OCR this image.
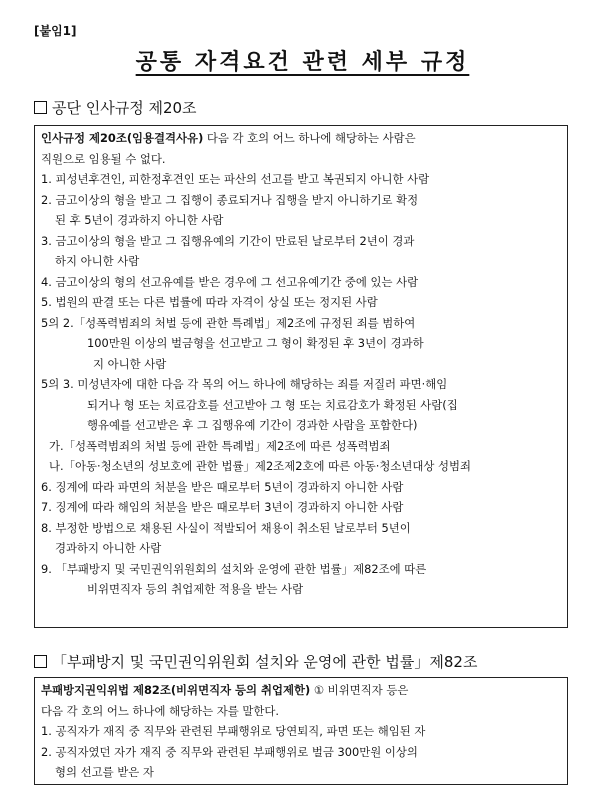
[붙임1]
공통 자격요건 관련 세부 규정
공단 인사규정 제20조
인사규정 제20조(임용결격사유) 다음 각 호의 어느 하나에 해당하는 사람은
직원으로 임용될 수 없다.
1. 피성년후견인, 피한정후견인 또는 파산의 선고를 받고 복권되지 아니한 사람
2. 금고이상의 형을 받고 그 집행이 종료되거나 집행을 받지 아니하기로 확정
된 후 5년이 경과하지 아니한 사람
3. 금고이상의 형을 받고 그 집행유예의 기간이 만료된 날로부터 2년이 경과
하지 아니한 사람
4. 금고이상의 형의 선고유예를 받은 경우에 그 선고유예기간 중에 있는 사람
5. 법원의 판결 또는 다른 법률에 따라 자격이 상실 또는 정지된 사람
5의 2.「성폭력범죄의 처벌 등에 관한 특례법」제2조에 규정된 죄를 범하여
100만원 이상의 벌금형을 선고받고 그 형이 확정된 후 3년이 경과하
지 아니한 사람
5의 3. 미성년자에 대한 다음 각 목의 어느 하나에 해당하는 죄를 저질러 파면·해임
되거나 형 또는 치료감호를 선고받아 그 형 또는 치료감호가 확정된 사람(집
행유예를 선고받은 후 그 집행유예 기간이 경과한 사람을 포함한다)
가.「성폭력범죄의 처벌 등에 관한 특례법」제2조에 따른 성폭력범죄
나.「아동·청소년의 성보호에 관한 법률」제2조제2호에 따른 아동·청소년대상 성범죄
6. 징계에 따라 파면의 처분을 받은 때로부터 5년이 경과하지 아니한 사람
7. 징계에 따라 해임의 처분을 받은 때로부터 3년이 경과하지 아니한 사람
8. 부정한 방법으로 채용된 사실이 적발되어 채용이 취소된 날로부터 5년이
경과하지 아니한 사람
9. 「부패방지 및 국민권익위원회의 설치와 운영에 관한 법률」제82조에 따른
비위면직자 등의 취업제한 적용을 받는 사람
「부패방지 및 국민권익위원회 설치와 운영에 관한 법률」제82조
부패방지권익위법 제82조(비위면직자 등의 취업제한) ① 비위면직자 등은
다음 각 호의 어느 하나에 해당하는 자를 말한다.
1. 공직자가 재직 중 직무와 관련된 부패행위로 당연퇴직, 파면 또는 해임된 자
2. 공직자였던 자가 재직 중 직무와 관련된 부패행위로 벌금 300만원 이상의
형의 선고를 받은 자
